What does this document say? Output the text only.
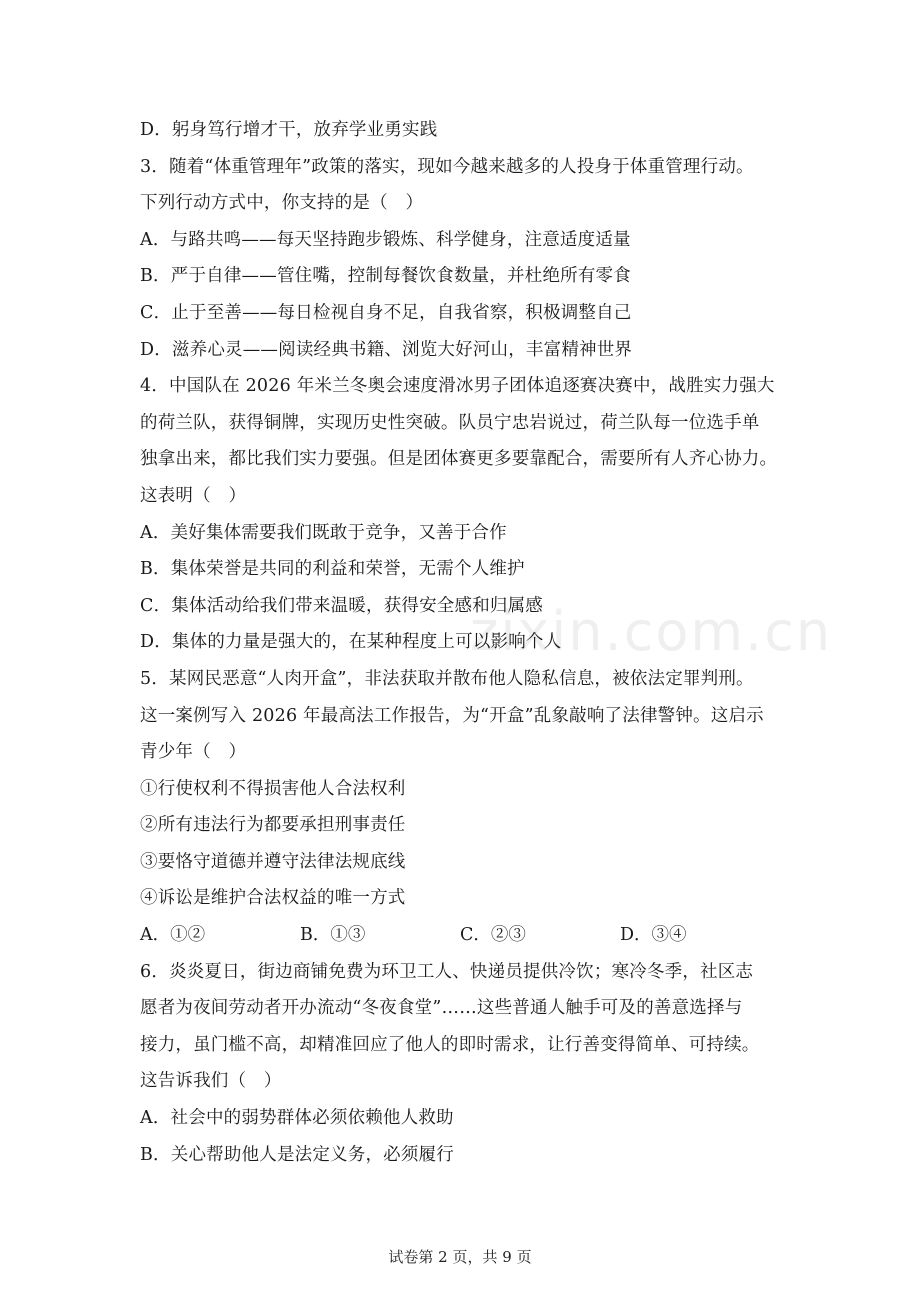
zixin.com.cn
D．躬身笃行增才干，放弃学业勇实践
3．随着“体重管理年”政策的落实，现如今越来越多的人投身于体重管理行动。
下列行动方式中，你支持的是（　）
A．与路共鸣——每天坚持跑步锻炼、科学健身，注意适度适量
B．严于自律——管住嘴，控制每餐饮食数量，并杜绝所有零食
C．止于至善——每日检视自身不足，自我省察，积极调整自己
D．滋养心灵——阅读经典书籍、浏览大好河山，丰富精神世界
4．中国队在 2026 年米兰冬奥会速度滑冰男子团体追逐赛决赛中，战胜实力强大
的荷兰队，获得铜牌，实现历史性突破。队员宁忠岩说过，荷兰队每一位选手单
独拿出来，都比我们实力要强。但是团体赛更多要靠配合，需要所有人齐心协力。
这表明（　）
A．美好集体需要我们既敢于竞争，又善于合作
B．集体荣誉是共同的利益和荣誉，无需个人维护
C．集体活动给我们带来温暖，获得安全感和归属感
D．集体的力量是强大的，在某种程度上可以影响个人
5．某网民恶意“人肉开盒”，非法获取并散布他人隐私信息，被依法定罪判刑。
这一案例写入 2026 年最高法工作报告，为“开盒”乱象敲响了法律警钟。这启示
青少年（　）
①行使权利不得损害他人合法权利
②所有违法行为都要承担刑事责任
③要恪守道德并遵守法律法规底线
④诉讼是维护合法权益的唯一方式
A．①②	B．①③	C．②③	D．③④
6．炎炎夏日，街边商铺免费为环卫工人、快递员提供冷饮；寒冷冬季，社区志
愿者为夜间劳动者开办流动“冬夜食堂”……这些普通人触手可及的善意选择与
接力，虽门槛不高，却精准回应了他人的即时需求，让行善变得简单、可持续。
这告诉我们（　）
A．社会中的弱势群体必须依赖他人救助
B．关心帮助他人是法定义务，必须履行
试卷第 2 页，共 9 页
